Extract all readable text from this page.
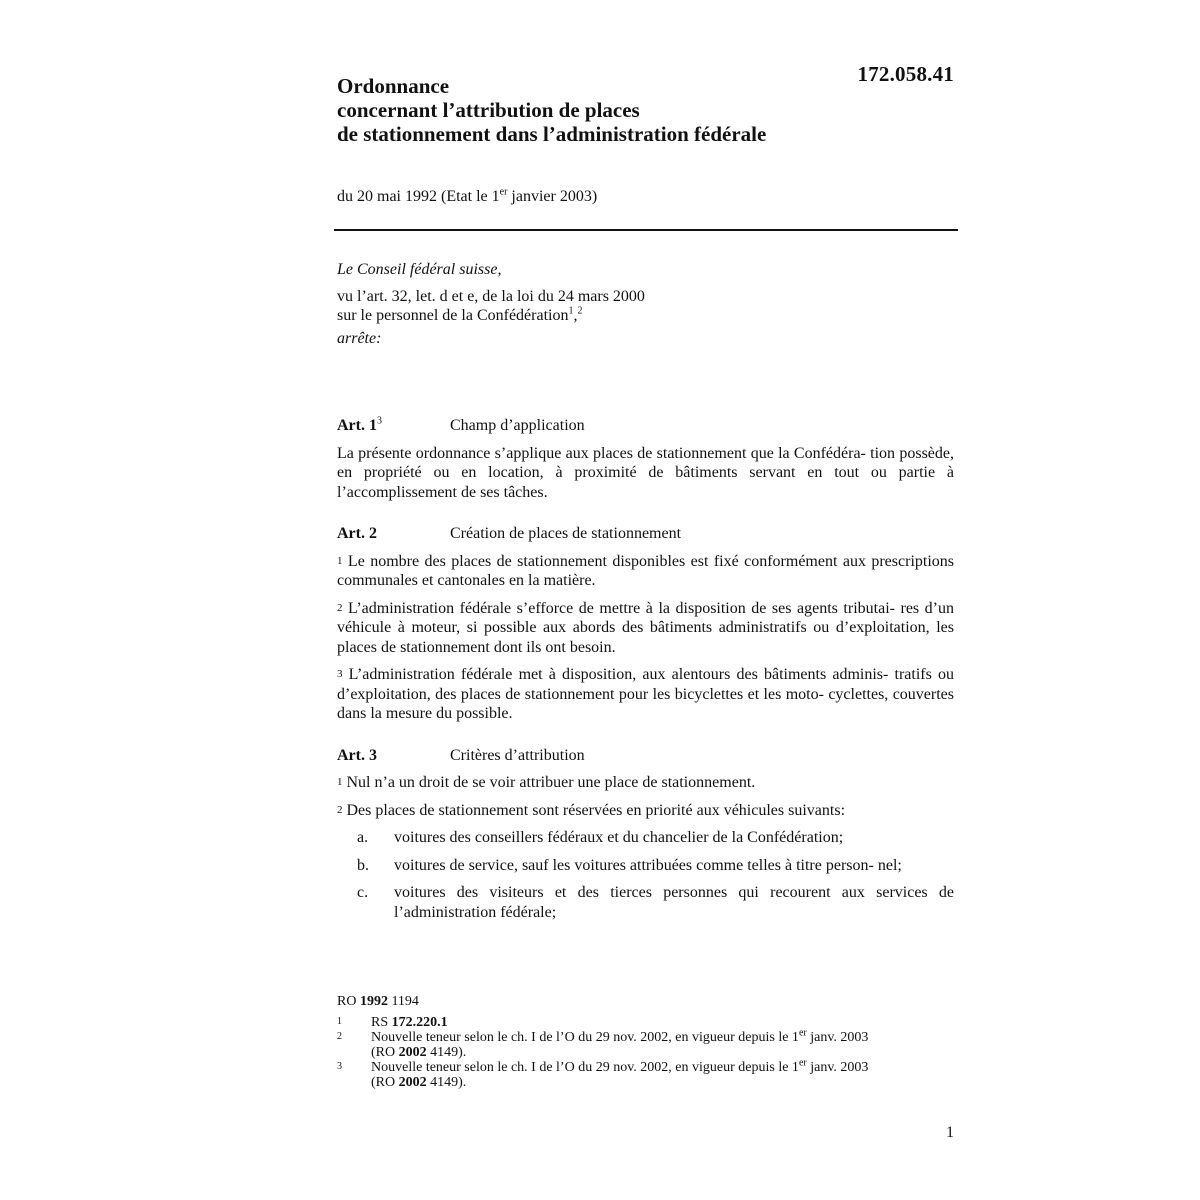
172.058.41
Ordonnance
concernant l’attribution de places
de stationnement dans l’administration fédérale
du 20 mai 1992 (Etat le 1er janvier 2003)
Le Conseil fédéral suisse,
vu l’art. 32, let. d et e, de la loi du 24 mars 2000
sur le personnel de la Confédération$^1$,$^2$
arrête:
Art. $1^3$	Champ d’application

La présente ordonnance s’applique aux places de stationnement que la Confédéra- tion possède, en propriété ou en location, à proximité de bâtiments servant en tout ou partie à l’accomplissement de ses tâches.

Art. 2	Création de places de stationnement

$^1$ Le nombre des places de stationnement disponibles est fixé conformément aux prescriptions communales et cantonales en la matière.

$^2$ L’administration fédérale s’efforce de mettre à la disposition de ses agents tributai- res d’un véhicule à moteur, si possible aux abords des bâtiments administratifs ou d’exploitation, les places de stationnement dont ils ont besoin.

$^3$ L’administration fédérale met à disposition, aux alentours des bâtiments adminis- tratifs ou d’exploitation, des places de stationnement pour les bicyclettes et les moto- cyclettes, couvertes dans la mesure du possible.

Art. 3	Critères d’attribution

$^1$ Nul n’a un droit de se voir attribuer une place de stationnement.

$^2$ Des places de stationnement sont réservées en priorité aux véhicules suivants:

a.	voitures des conseillers fédéraux et du chancelier de la Confédération;
b.	voitures de service, sauf les voitures attribuées comme telles à titre person- nel;
c.	voitures des visiteurs et des tierces personnes qui recourent aux services de l’administration fédérale;
RO 1992 1194
1	RS 172.220.1
2	Nouvelle teneur selon le ch. I de l’O du 29 nov. 2002, en vigueur depuis le 1er janv. 2003
(RO 2002 4149).
3	Nouvelle teneur selon le ch. I de l’O du 29 nov. 2002, en vigueur depuis le 1er janv. 2003
(RO 2002 4149).
1
